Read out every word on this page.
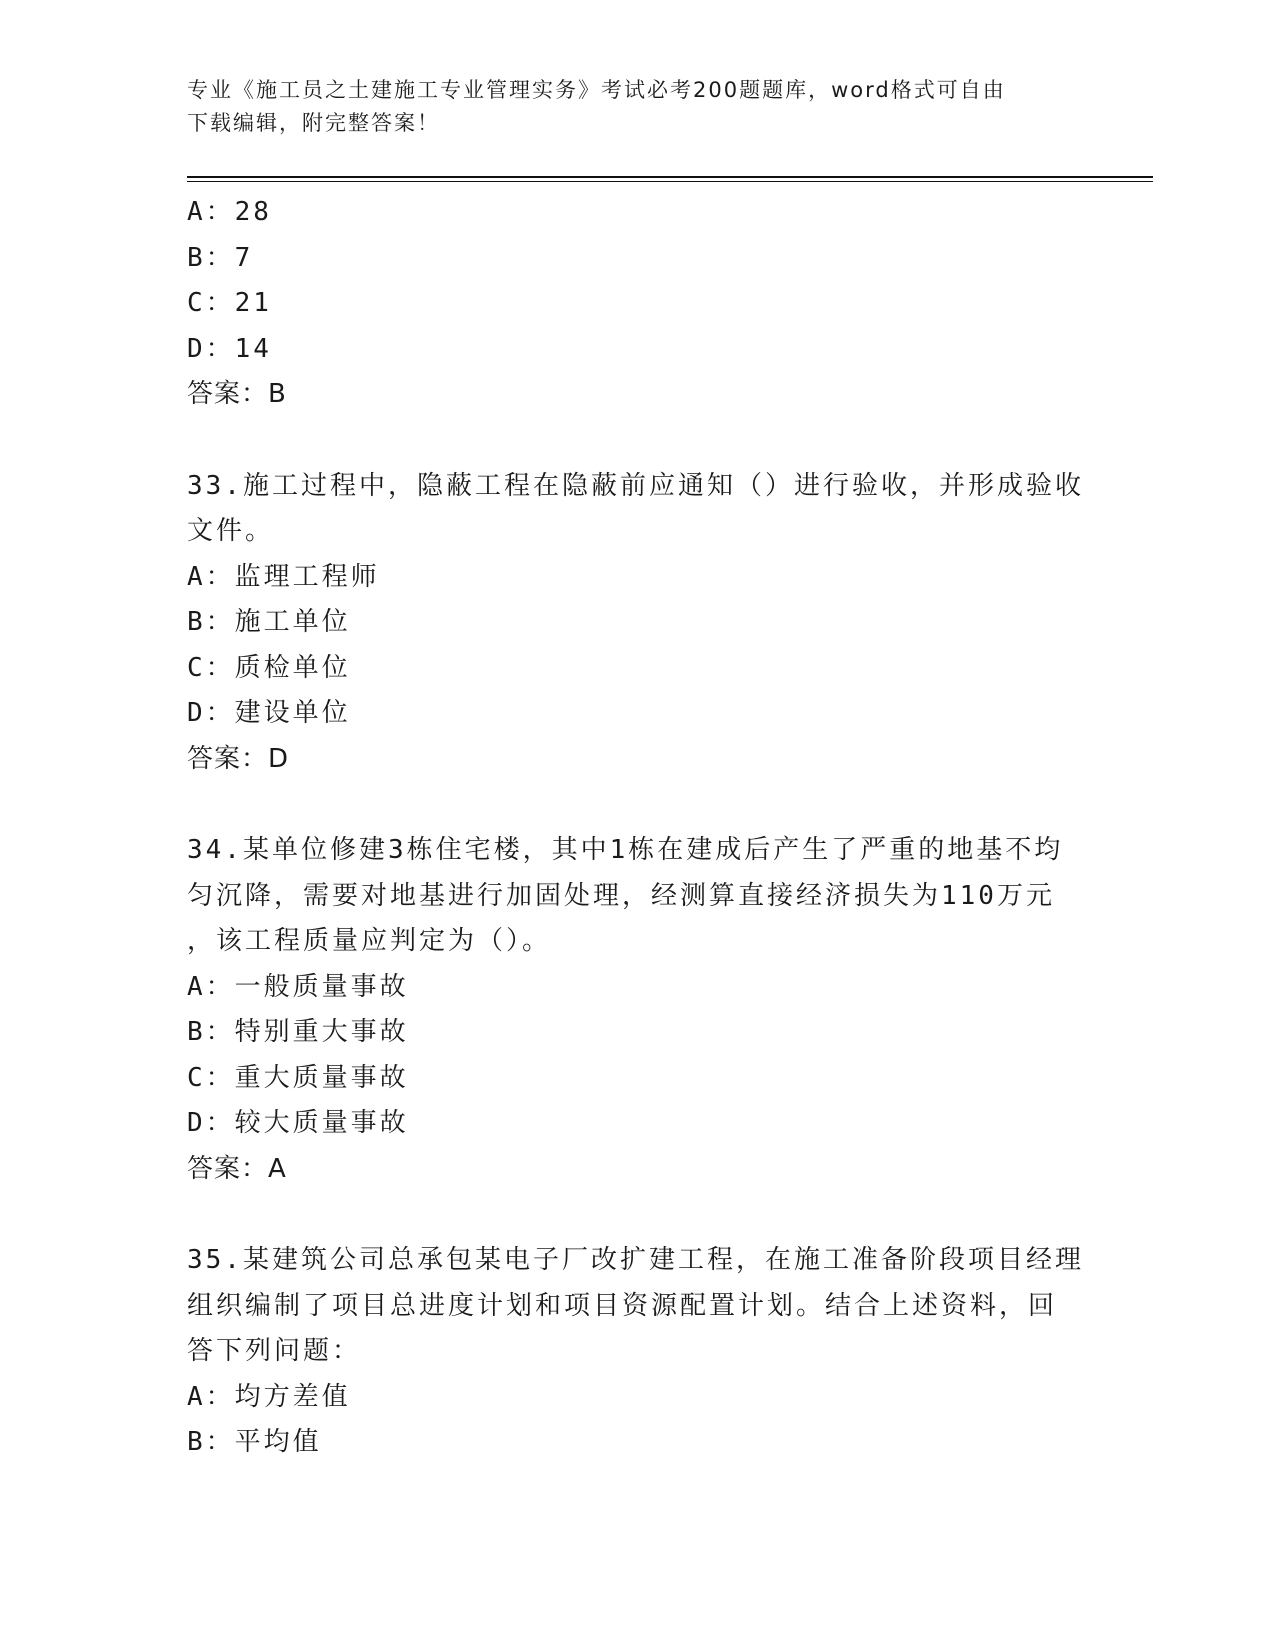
专业《施工员之土建施工专业管理实务》考试必考200题题库，word格式可自由
下载编辑，附完整答案！
A：28
B：7
C：21
D：14
答案：B
33.施工过程中，隐蔽工程在隐蔽前应通知（）进行验收，并形成验收
文件。
A：监理工程师
B：施工单位
C：质检单位
D：建设单位
答案：D
34.某单位修建3栋住宅楼，其中1栋在建成后产生了严重的地基不均
匀沉降，需要对地基进行加固处理，经测算直接经济损失为110万元
，该工程质量应判定为（）。
A：一般质量事故
B：特别重大事故
C：重大质量事故
D：较大质量事故
答案：A
35.某建筑公司总承包某电子厂改扩建工程，在施工准备阶段项目经理
组织编制了项目总进度计划和项目资源配置计划。结合上述资料，回
答下列问题：
A：均方差值
B：平均值
